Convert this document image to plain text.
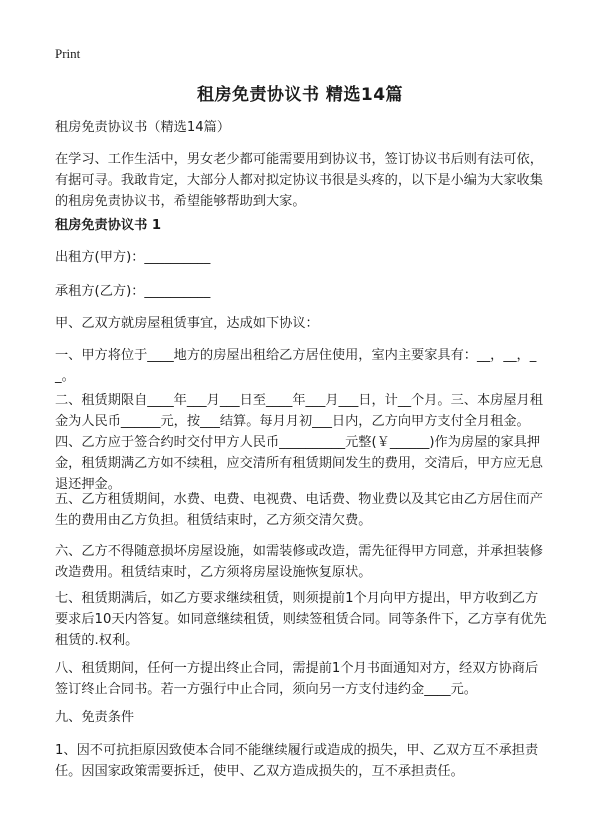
Print
租房免责协议书 精选14篇

租房免责协议书（精选14篇）

在学习、工作生活中，男女老少都可能需要用到协议书，签订协议书后则有法可依，有据可寻。我敢肯定，大部分人都对拟定协议书很是头疼的，以下是小编为大家收集的租房免责协议书，希望能够帮助到大家。

租房免责协议书 1

出租方(甲方)：__________

承租方(乙方)：__________

甲、乙双方就房屋租赁事宜，达成如下协议：

一、甲方将位于____地方的房屋出租给乙方居住使用，室内主要家具有：__，__，__。

二、租赁期限自____年___月___日至____年___月___日，计__个月。三、本房屋月租金为人民币______元，按___结算。每月月初___日内，乙方向甲方支付全月租金。四、乙方应于签合约时交付甲方人民币__________元整(￥______)作为房屋的家具押金，租赁期满乙方如不续租，应交清所有租赁期间发生的费用，交清后，甲方应无息退还押金。

五、乙方租赁期间，水费、电费、电视费、电话费、物业费以及其它由乙方居住而产生的费用由乙方负担。租赁结束时，乙方须交清欠费。

六、乙方不得随意损坏房屋设施，如需装修或改造，需先征得甲方同意，并承担装修改造费用。租赁结束时，乙方须将房屋设施恢复原状。

七、租赁期满后，如乙方要求继续租赁，则须提前1个月向甲方提出，甲方收到乙方要求后10天内答复。如同意继续租赁，则续签租赁合同。同等条件下，乙方享有优先租赁的.权利。

八、租赁期间，任何一方提出终止合同，需提前1个月书面通知对方，经双方协商后签订终止合同书。若一方强行中止合同，须向另一方支付违约金____元。

九、免责条件

1、因不可抗拒原因致使本合同不能继续履行或造成的损失，甲、乙双方互不承担责任。因国家政策需要拆迁，使甲、乙双方造成损失的，互不承担责任。
